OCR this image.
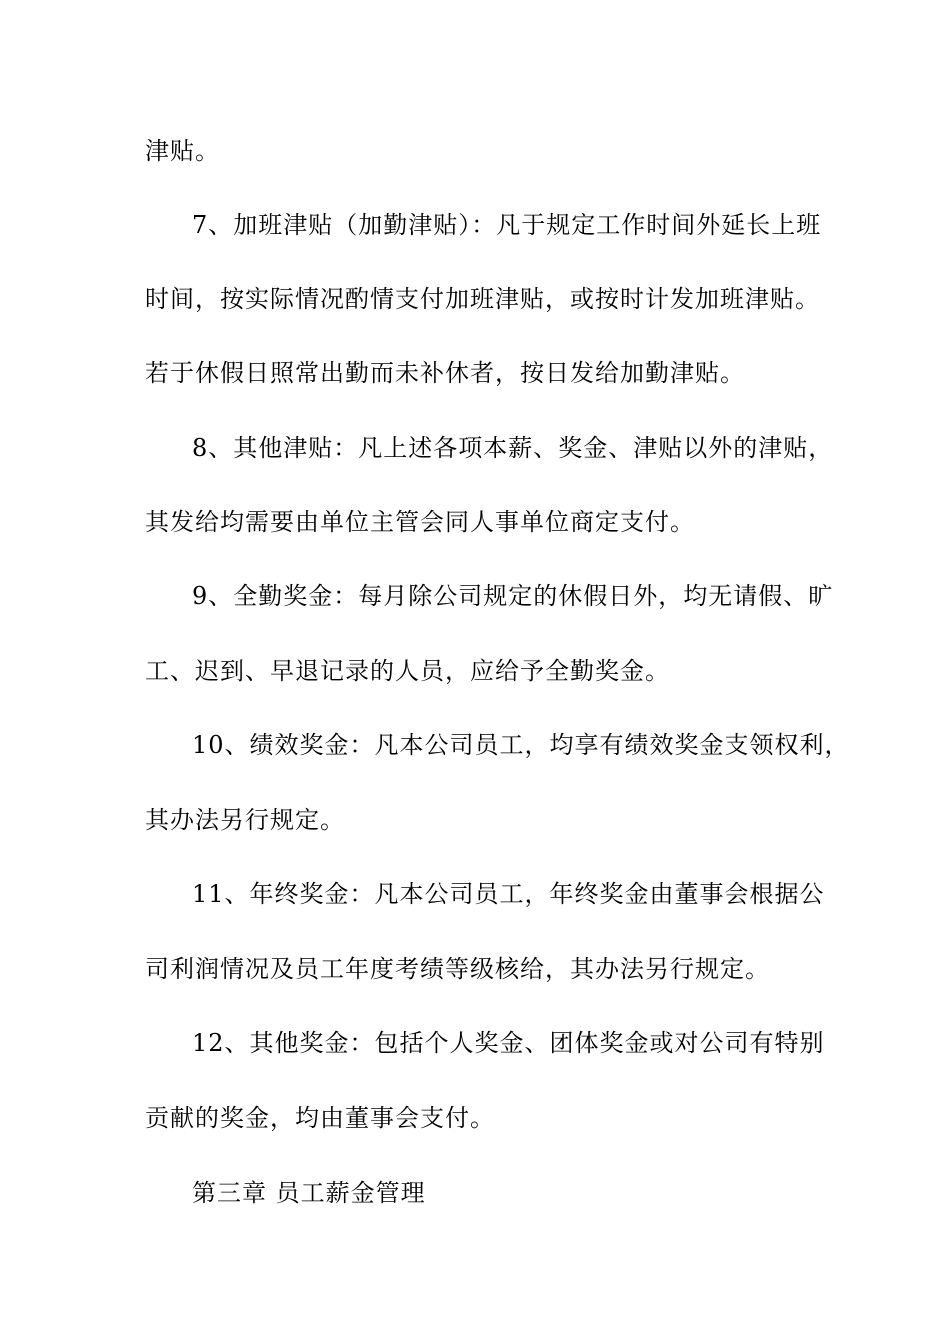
津贴。
7、加班津贴（加勤津贴）：凡于规定工作时间外延长上班
时间，按实际情况酌情支付加班津贴，或按时计发加班津贴。
若于休假日照常出勤而未补休者，按日发给加勤津贴。
8、其他津贴：凡上述各项本薪、奖金、津贴以外的津贴，
其发给均需要由单位主管会同人事单位商定支付。
9、全勤奖金：每月除公司规定的休假日外，均无请假、旷
工、迟到、早退记录的人员，应给予全勤奖金。
10、绩效奖金：凡本公司员工，均享有绩效奖金支领权利，
其办法另行规定。
11、年终奖金：凡本公司员工，年终奖金由董事会根据公
司利润情况及员工年度考绩等级核给，其办法另行规定。
12、其他奖金：包括个人奖金、团体奖金或对公司有特别
贡献的奖金，均由董事会支付。
第三章 员工薪金管理
